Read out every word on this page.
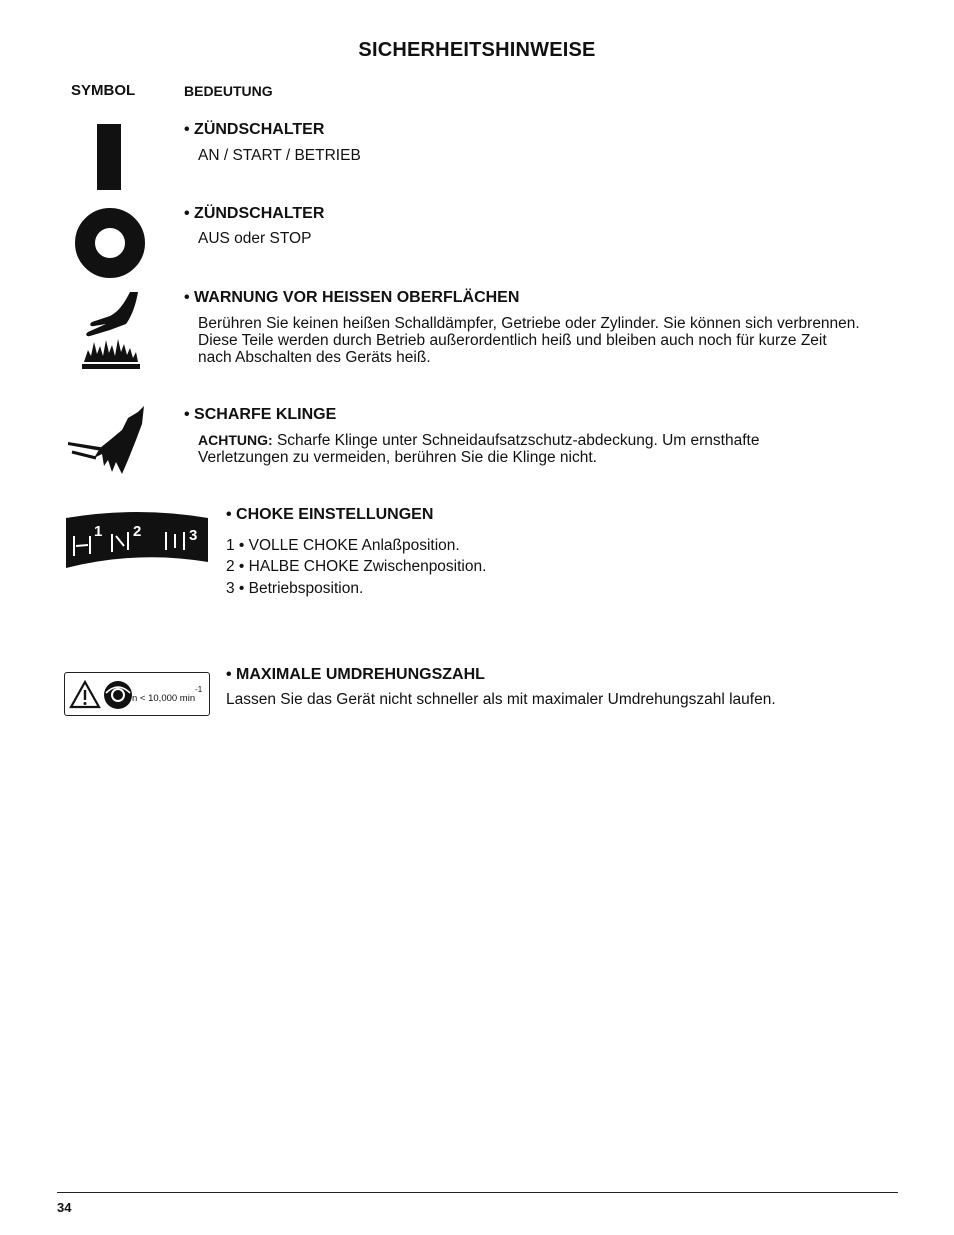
SICHERHEITSHINWEISE
SYMBOL	BEDEUTUNG
• ZÜNDSCHALTER
AN / START / BETRIEB
• ZÜNDSCHALTER
AUS oder STOP
• WARNUNG VOR HEISSEN OBERFLÄCHEN
Berühren Sie keinen heißen Schalldämpfer, Getriebe oder Zylinder. Sie können sich verbrennen.
Diese Teile werden durch Betrieb außerordentlich heiß und bleiben auch noch für kurze Zeit
nach Abschalten des Geräts heiß.
• SCHARFE KLINGE
ACHTUNG: Scharfe Klinge unter Schneidaufsatzschutz-abdeckung. Um ernsthafte
Verletzungen zu vermeiden, berühren Sie die Klinge nicht.
1 2	3
• CHOKE EINSTELLUNGEN
1 • VOLLE CHOKE Anlaßposition.
2 • HALBE CHOKE Zwischenposition.
3 • Betriebsposition.
n < 10,000 $\min^{-1}$
• MAXIMALE UMDREHUNGSZAHL
Lassen Sie das Gerät nicht schneller als mit maximaler Umdrehungszahl laufen.
34
